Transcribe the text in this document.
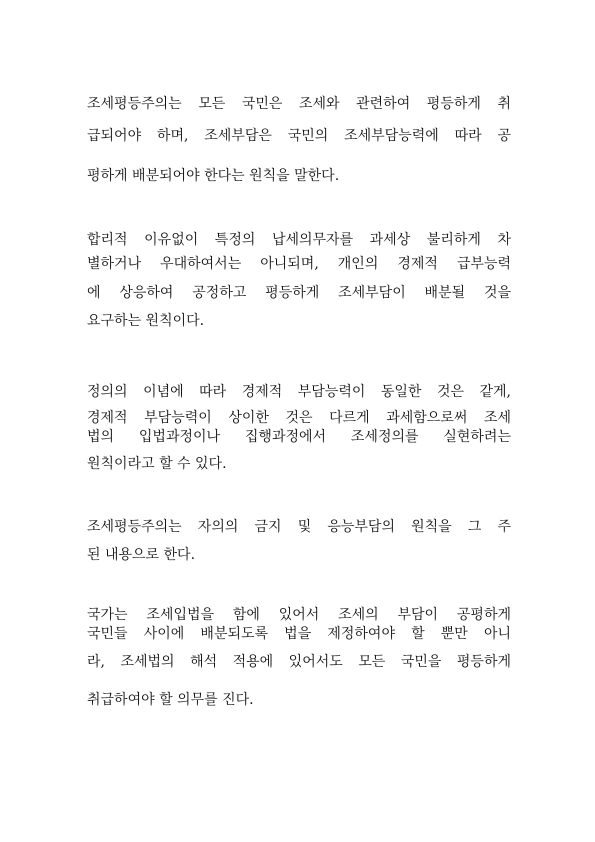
조세평등주의는 모든 국민은 조세와 관련하여 평등하게 취
급되어야 하며, 조세부담은 국민의 조세부담능력에 따라 공
평하게 배분되어야 한다는 원칙을 말한다.
합리적 이유없이 특정의 납세의무자를 과세상 불리하게 차
별하거나 우대하여서는 아니되며, 개인의 경제적 급부능력
에 상응하여 공정하고 평등하게 조세부담이 배분될 것을
요구하는 원칙이다.
정의의 이념에 따라 경제적 부담능력이 동일한 것은 같게,
경제적 부담능력이 상이한 것은 다르게 과세함으로써 조세
법의 입법과정이나 집행과정에서 조세정의를 실현하려는
원칙이라고 할 수 있다.
조세평등주의는 자의의 금지 및 응능부담의 원칙을 그 주
된 내용으로 한다.
국가는 조세입법을 함에 있어서 조세의 부담이 공평하게
국민들 사이에 배분되도록 법을 제정하여야 할 뿐만 아니
라, 조세법의 해석 적용에 있어서도 모든 국민을 평등하게
취급하여야 할 의무를 진다.
